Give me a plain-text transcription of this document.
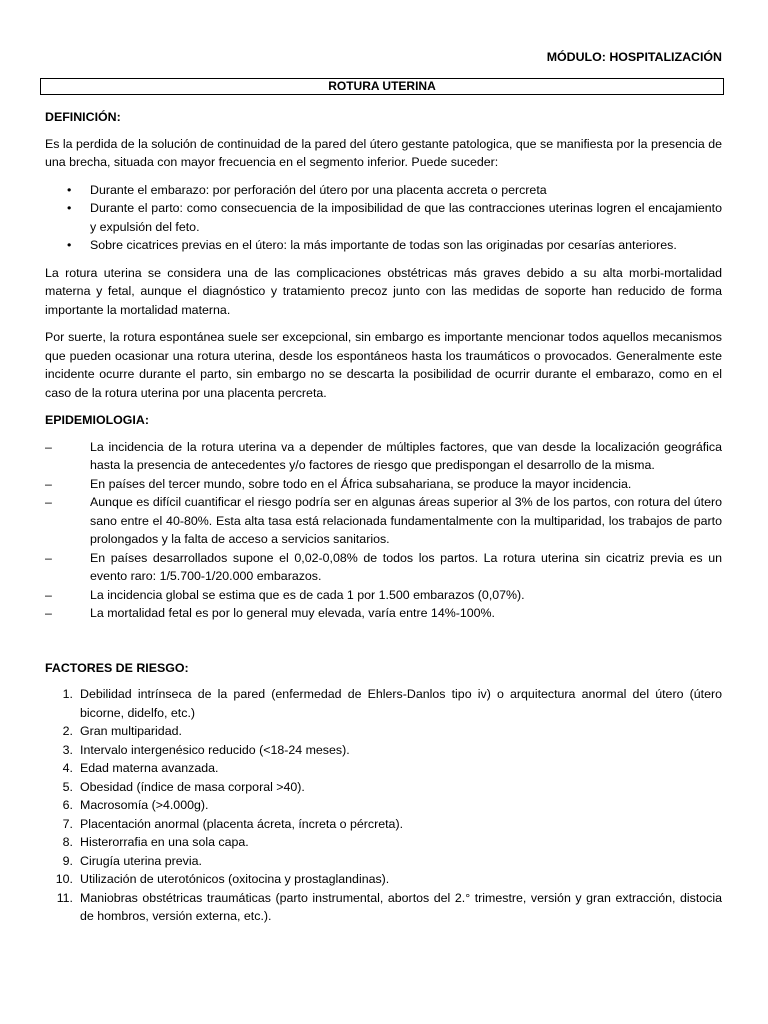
MÓDULO: HOSPITALIZACIÓN
ROTURA UTERINA
DEFINICIÓN:

Es la perdida de la solución de continuidad de la pared del útero gestante patologica, que se manifiesta por la presencia de una brecha, situada con mayor frecuencia en el segmento inferior. Puede suceder:

• Durante el embarazo: por perforación del útero por una placenta accreta o percreta
• Durante el parto: como consecuencia de la imposibilidad de que las contracciones uterinas logren el encajamiento y expulsión del feto.
• Sobre cicatrices previas en el útero: la más importante de todas son las originadas por cesarías anteriores.

La rotura uterina se considera una de las complicaciones obstétricas más graves debido a su alta morbi-mortalidad materna y fetal, aunque el diagnóstico y tratamiento precoz junto con las medidas de soporte han reducido de forma importante la mortalidad materna.

Por suerte, la rotura espontánea suele ser excepcional, sin embargo es importante mencionar todos aquellos mecanismos que pueden ocasionar una rotura uterina, desde los espontáneos hasta los traumáticos o provocados. Generalmente este incidente ocurre durante el parto, sin embargo no se descarta la posibilidad de ocurrir durante el embarazo, como en el caso de la rotura uterina por una placenta percreta.

EPIDEMIOLOGIA:
–	La incidencia de la rotura uterina va a depender de múltiples factores, que van desde la localización geográfica hasta la presencia de antecedentes y/o factores de riesgo que predispongan el desarrollo de la misma.
–	En países del tercer mundo, sobre todo en el África subsahariana, se produce la mayor incidencia.
–	Aunque es difícil cuantificar el riesgo podría ser en algunas áreas superior al 3% de los partos, con rotura del útero sano entre el 40-80%. Esta alta tasa está relacionada fundamentalmente con la multiparidad, los trabajos de parto prolongados y la falta de acceso a servicios sanitarios.
–	En países desarrollados supone el 0,02-0,08% de todos los partos. La rotura uterina sin cicatriz previa es un evento raro: 1/5.700-1/20.000 embarazos.
–	La incidencia global se estima que es de cada 1 por 1.500 embarazos (0,07%).
–	La mortalidad fetal es por lo general muy elevada, varía entre 14%-100%.
FACTORES DE RIESGO:
1. Debilidad intrínseca de la pared (enfermedad de Ehlers-Danlos tipo iv) o arquitectura anormal del útero (útero bicorne, didelfo, etc.)
2. Gran multiparidad.
3. Intervalo intergenésico reducido (<18-24 meses).
4. Edad materna avanzada.
5. Obesidad (índice de masa corporal >40).
6. Macrosomía (>4.000g).
7. Placentación anormal (placenta ácreta, íncreta o pércreta).
8. Histerorrafia en una sola capa.
9. Cirugía uterina previa.
10. Utilización de uterotónicos (oxitocina y prostaglandinas).
11. Maniobras obstétricas traumáticas (parto instrumental, abortos del 2.° trimestre, versión y gran extracción, distocia de hombros, versión externa, etc.).
